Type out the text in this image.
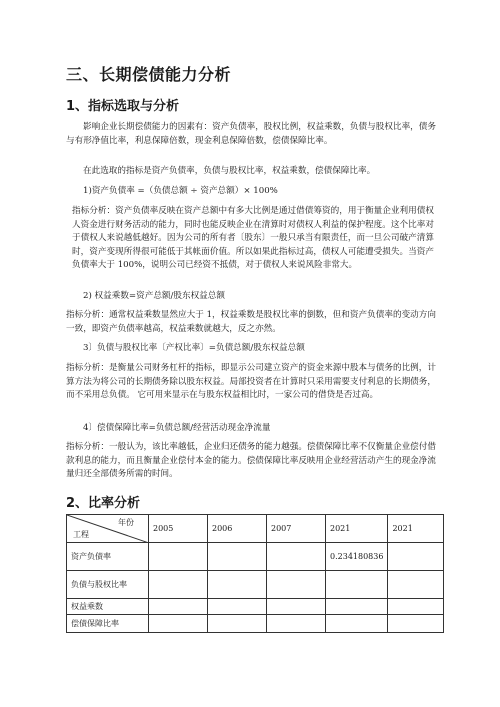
三、长期偿债能力分析
1、指标选取与分析

影响企业长期偿债能力的因素有：资产负债率，股权比例，权益乘数，负债与股权比率，债务与有形净值比率，利息保障倍数，现金利息保障倍数，偿债保障比率。

在此选取的指标是资产负债率，负债与股权比率，权益乘数，偿债保障比率。

1)资产负债率 =（负债总额 ÷ 资产总额）× 100%

指标分析：资产负债率反映在资产总额中有多大比例是通过借债筹资的，用于衡量企业利用债权人资金进行财务活动的能力，同时也能反映企业在清算时对债权人利益的保护程度。这个比率对于债权人来说越低越好。因为公司的所有者〔股东〕一般只承当有限责任，而一旦公司破产清算时，资产变现所得很可能低于其帐面价值。所以如果此指标过高，债权人可能遭受损失。当资产负债率大于 100%，说明公司已经资不抵债，对于债权人来说风险非常大。

2) 权益乘数=资产总额/股东权益总额

指标分析：通常权益乘数显然应大于 1，权益乘数是股权比率的倒数，但和资产负债率的变动方向一致，即资产负债率越高，权益乘数就越大，反之亦然。

3〕负债与股权比率〔产权比率〕=负债总额/股东权益总额

指标分析：是衡量公司财务杠杆的指标，即显示公司建立资产的资金来源中股本与债务的比例，计算方法为将公司的长期债务除以股东权益。局部投资者在计算时只采用需要支付利息的长期债务，而不采用总负债。 它可用来显示在与股东权益相比时，一家公司的借贷是否过高。

4〕偿债保障比率=负债总额/经营活动现金净流量

指标分析：一般认为，该比率越低，企业归还债务的能力越强。偿债保障比率不仅衡量企业偿付借款利息的能力，而且衡量企业偿付本金的能力。偿债保障比率反映用企业经营活动产生的现金净流量归还全部债务所需的时间。

2、比率分析
年份
工程	2005	2006	2007	2021	2021
资产负债率				0.234180836	
负债与股权比率					
权益乘数					
偿债保障比率					
